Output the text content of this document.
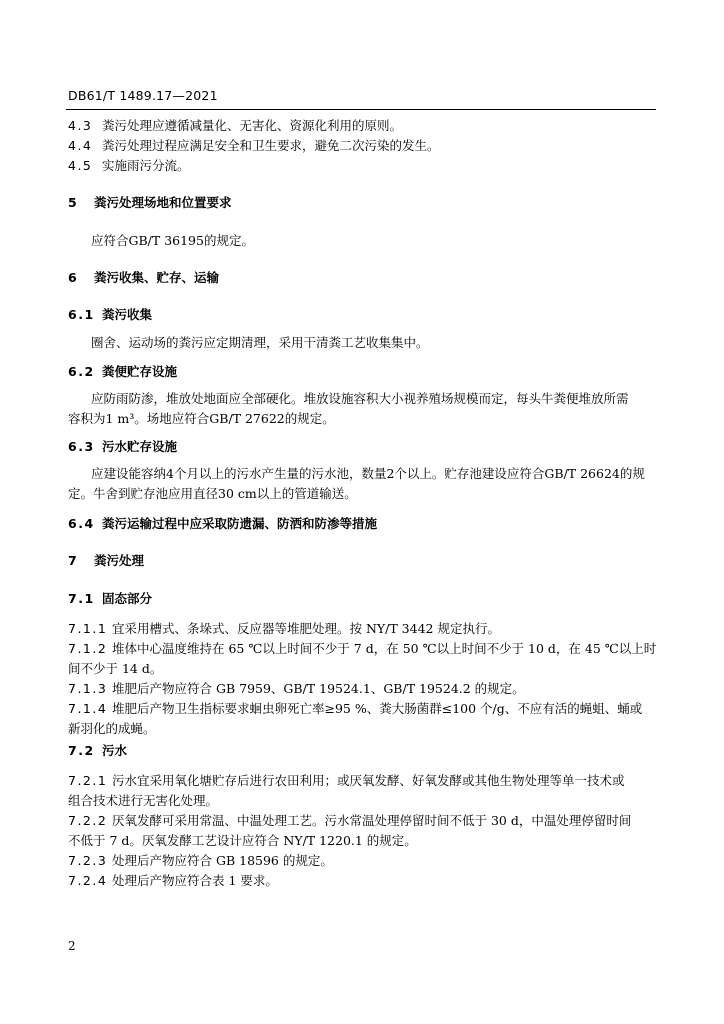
DB61/T 1489.17—2021
4.3 粪污处理应遵循减量化、无害化、资源化利用的原则。
4.4 粪污处理过程应满足安全和卫生要求，避免二次污染的发生。
4.5 实施雨污分流。
5 粪污处理场地和位置要求
应符合GB/T 36195的规定。
6 粪污收集、贮存、运输
6.1 粪污收集
圈舍、运动场的粪污应定期清理，采用干清粪工艺收集集中。
6.2 粪便贮存设施
应防雨防渗，堆放处地面应全部硬化。堆放设施容积大小视养殖场规模而定，每头牛粪便堆放所需
容积为1 m³。场地应符合GB/T 27622的规定。
6.3 污水贮存设施
应建设能容纳4个月以上的污水产生量的污水池，数量2个以上。贮存池建设应符合GB/T 26624的规
定。牛舍到贮存池应用直径30 cm以上的管道输送。
6.4 粪污运输过程中应采取防遗漏、防洒和防渗等措施
7 粪污处理
7.1 固态部分
7.1.1 宜采用槽式、条垛式、反应器等堆肥处理。按 NY/T 3442 规定执行。
7.1.2 堆体中心温度维持在 65 ℃以上时间不少于 7 d，在 50 ℃以上时间不少于 10 d，在 45 ℃以上时
间不少于 14 d。
7.1.3 堆肥后产物应符合 GB 7959、GB/T 19524.1、GB/T 19524.2 的规定。
7.1.4 堆肥后产物卫生指标要求蛔虫卵死亡率≥95 %、粪大肠菌群≤100 个/g、不应有活的蝇蛆、蛹或
新羽化的成蝇。
7.2 污水
7.2.1 污水宜采用氧化塘贮存后进行农田利用；或厌氧发酵、好氧发酵或其他生物处理等单一技术或
组合技术进行无害化处理。
7.2.2 厌氧发酵可采用常温、中温处理工艺。污水常温处理停留时间不低于 30 d，中温处理停留时间
不低于 7 d。厌氧发酵工艺设计应符合 NY/T 1220.1 的规定。
7.2.3 处理后产物应符合 GB 18596 的规定。
7.2.4 处理后产物应符合表 1 要求。
2
